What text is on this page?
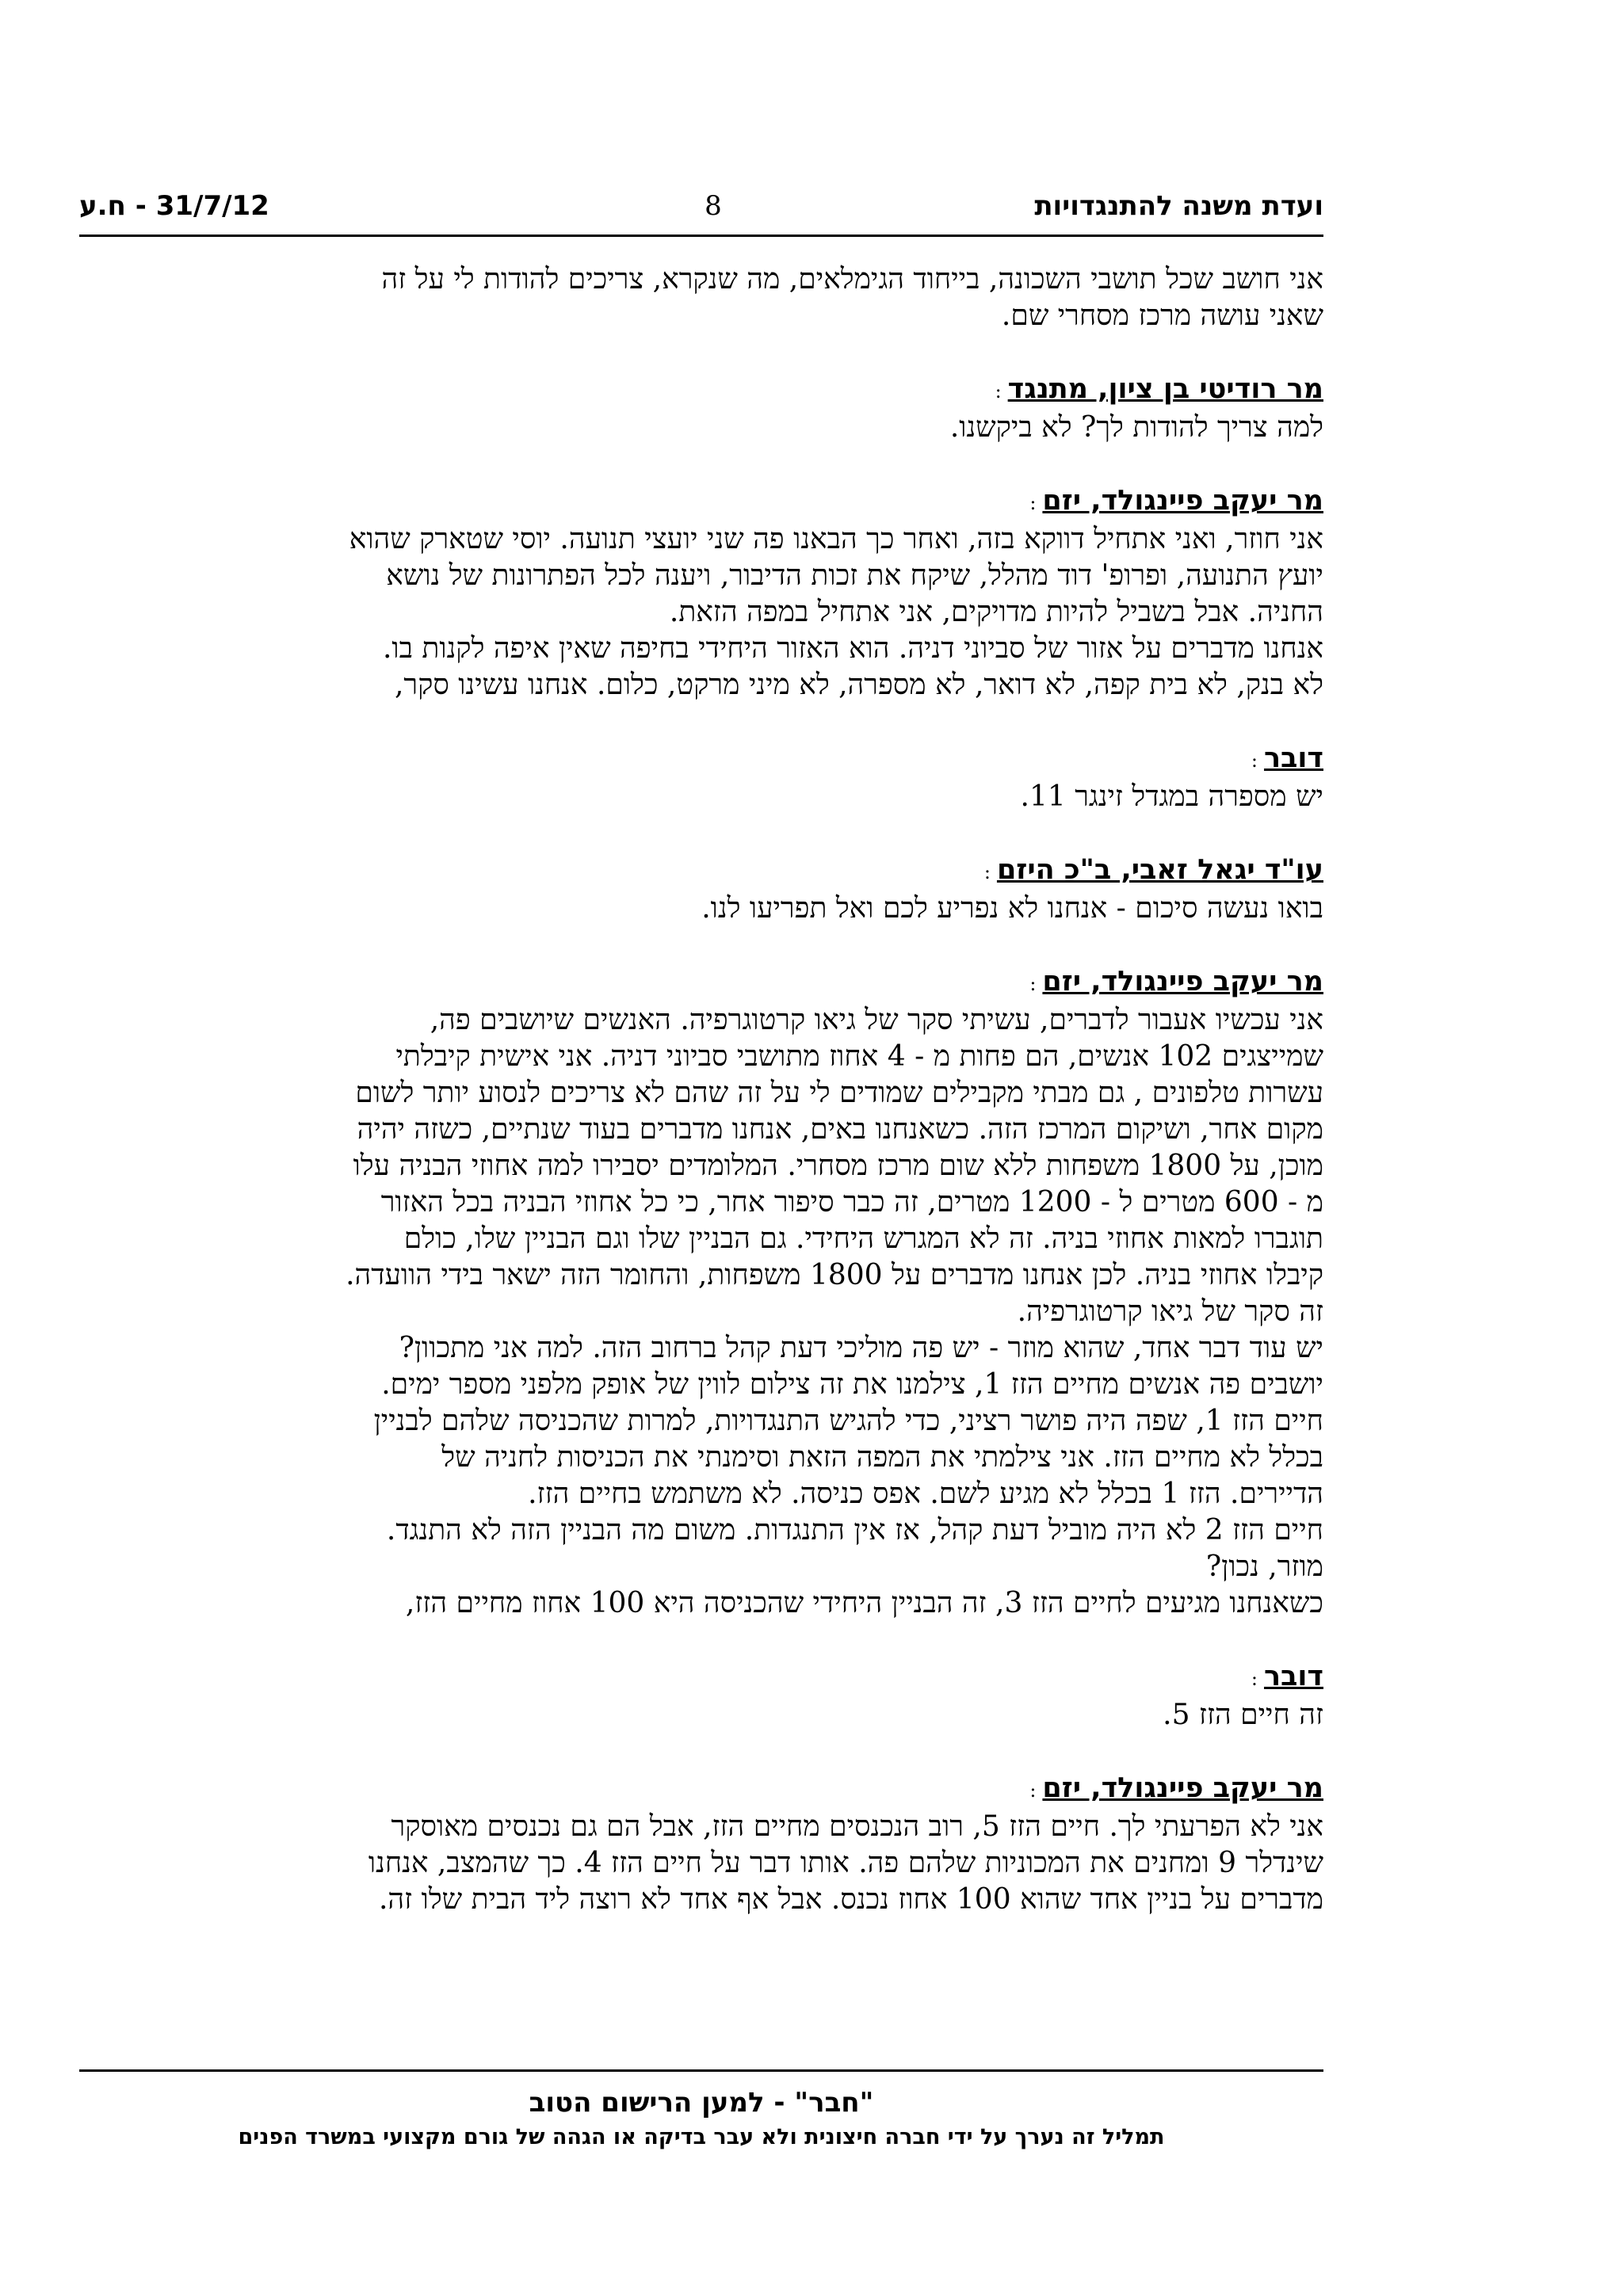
ועדת משנה להתנגדויות
8
31/7/12 - ח.ע
אני חושב שכל תושבי השכונה, בייחוד הגימלאים, מה שנקרא, צריכים להודות לי על זה
שאני עושה מרכז מסחרי שם.
מר רודיטי בן ציון, מתנגד:
למה צריך להודות לך? לא ביקשנו.
מר יעקב פיינגולד, יזם:
אני חוזר, ואני אתחיל דווקא בזה, ואחר כך הבאנו פה שני יועצי תנועה. יוסי שטארק שהוא
יועץ התנועה, ופרופ' דוד מהלל, שיקח את זכות הדיבור, ויענה לכל הפתרונות של נושא
החניה. אבל בשביל להיות מדויקים, אני אתחיל במפה הזאת.
אנחנו מדברים על אזור של סביוני דניה. הוא האזור היחידי בחיפה שאין איפה לקנות בו.
לא בנק, לא בית קפה, לא דואר, לא מספרה, לא מיני מרקט, כלום. אנחנו עשינו סקר,
דובר:
יש מספרה במגדל זינגר 11.
עו"ד יגאל זאבי, ב"כ היזם:
בואו נעשה סיכום - אנחנו לא נפריע לכם ואל תפריעו לנו.
מר יעקב פיינגולד, יזם:
אני עכשיו אעבור לדברים, עשיתי סקר של גיאו קרטוגרפיה. האנשים שיושבים פה,
שמייצגים 102 אנשים, הם פחות מ - 4 אחוז מתושבי סביוני דניה. אני אישית קיבלתי
עשרות טלפונים , גם מבתי מקבילים שמודים לי על זה שהם לא צריכים לנסוע יותר לשום
מקום אחר, ושיקום המרכז הזה. כשאנחנו באים, אנחנו מדברים בעוד שנתיים, כשזה יהיה
מוכן, על 1800 משפחות ללא שום מרכז מסחרי. המלומדים יסבירו למה אחוזי הבניה עלו
מ - 600 מטרים ל - 1200 מטרים, זה כבר סיפור אחר, כי כל אחוזי הבניה בכל האזור
תוגברו למאות אחוזי בניה. זה לא המגרש היחידי. גם הבניין שלו וגם הבניין שלו, כולם
קיבלו אחוזי בניה. לכן אנחנו מדברים על 1800 משפחות, והחומר הזה ישאר בידי הוועדה.
זה סקר של גיאו קרטוגרפיה.
יש עוד דבר אחד, שהוא מוזר - יש פה מוליכי דעת קהל ברחוב הזה. למה אני מתכוון?
יושבים פה אנשים מחיים הזז 1, צילמנו את זה צילום לווין של אופק מלפני מספר ימים.
חיים הזז 1, שפה היה פושר רציני, כדי להגיש התנגדויות, למרות שהכניסה שלהם לבניין
בכלל לא מחיים הזז. אני צילמתי את המפה הזאת וסימנתי את הכניסות לחניה של
הדיירים. הזז 1 בכלל לא מגיע לשם. אפס כניסה. לא משתמש בחיים הזז.
חיים הזז 2 לא היה מוביל דעת קהל, אז אין התנגדות. משום מה הבניין הזה לא התנגד.
מוזר, נכון?
כשאנחנו מגיעים לחיים הזז 3, זה הבניין היחידי שהכניסה היא 100 אחוז מחיים הזז,
דובר:
זה חיים הזז 5.
מר יעקב פיינגולד, יזם:
אני לא הפרעתי לך. חיים הזז 5, רוב הנכנסים מחיים הזז, אבל הם גם נכנסים מאוסקר
שינדלר 9 ומחנים את המכוניות שלהם פה. אותו דבר על חיים הזז 4. כך שהמצב, אנחנו
מדברים על בניין אחד שהוא 100 אחוז נכנס. אבל אף אחד לא רוצה ליד הבית שלו זה.
"חבר" - למען הרישום הטוב
תמליל זה נערך על ידי חברה חיצונית ולא עבר בדיקה או הגהה של גורם מקצועי במשרד הפנים
